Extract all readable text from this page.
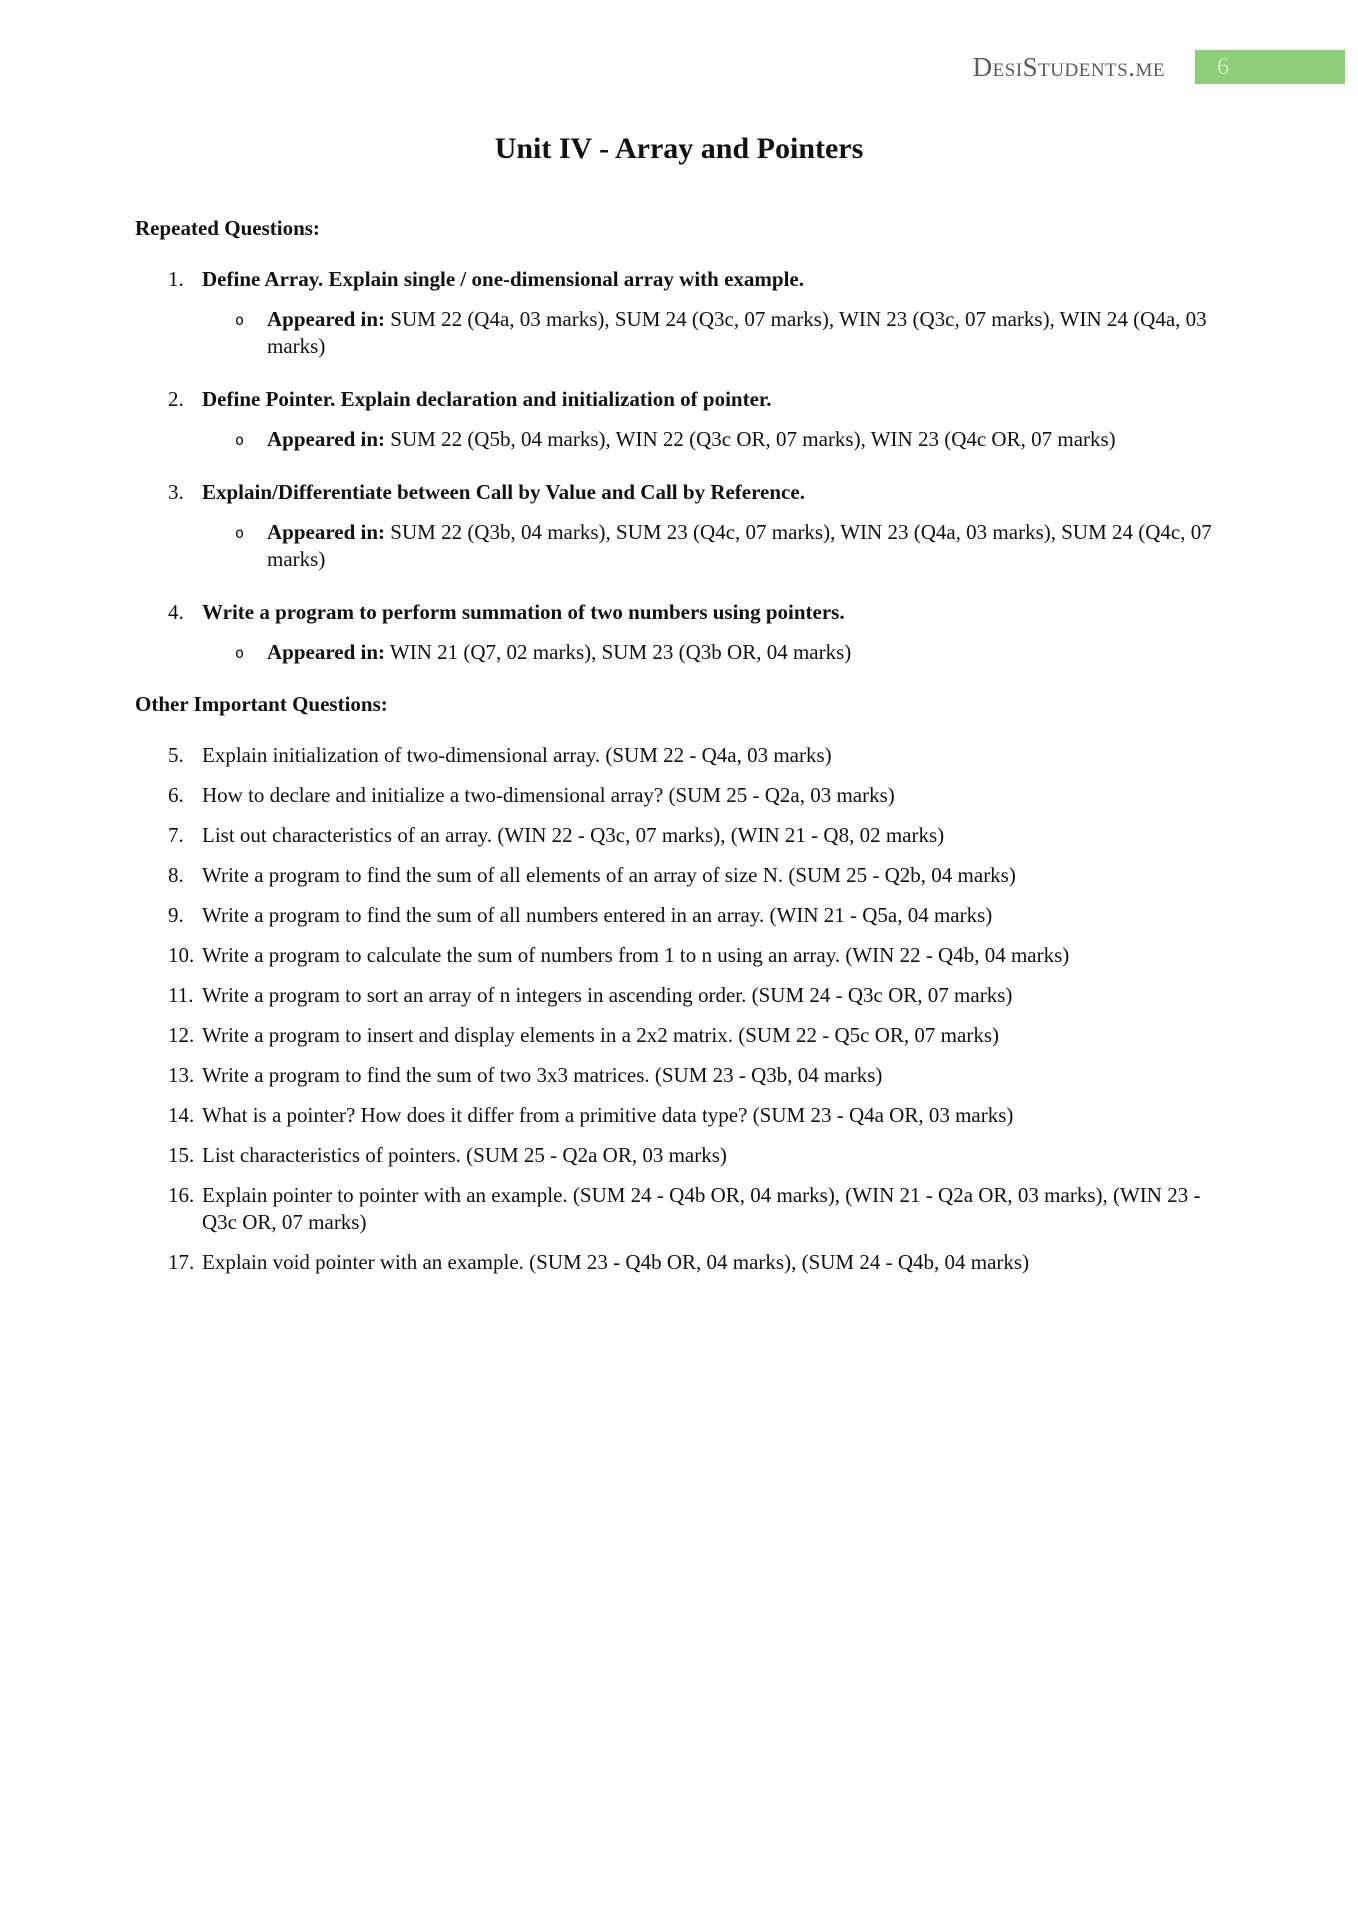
DesiStudents.me	6
Unit IV - Array and Pointers
Repeated Questions:
1. Define Array. Explain single / one-dimensional array with example.
o Appeared in: SUM 22 (Q4a, 03 marks), SUM 24 (Q3c, 07 marks), WIN 23 (Q3c, 07 marks), WIN 24 (Q4a, 03 marks)
2. Define Pointer. Explain declaration and initialization of pointer.
o Appeared in: SUM 22 (Q5b, 04 marks), WIN 22 (Q3c OR, 07 marks), WIN 23 (Q4c OR, 07 marks)
3. Explain/Differentiate between Call by Value and Call by Reference.
o Appeared in: SUM 22 (Q3b, 04 marks), SUM 23 (Q4c, 07 marks), WIN 23 (Q4a, 03 marks), SUM 24 (Q4c, 07 marks)
4. Write a program to perform summation of two numbers using pointers.
o Appeared in: WIN 21 (Q7, 02 marks), SUM 23 (Q3b OR, 04 marks)
Other Important Questions:
5. Explain initialization of two-dimensional array. (SUM 22 - Q4a, 03 marks)
6. How to declare and initialize a two-dimensional array? (SUM 25 - Q2a, 03 marks)
7. List out characteristics of an array. (WIN 22 - Q3c, 07 marks), (WIN 21 - Q8, 02 marks)
8. Write a program to find the sum of all elements of an array of size N. (SUM 25 - Q2b, 04 marks)
9. Write a program to find the sum of all numbers entered in an array. (WIN 21 - Q5a, 04 marks)
10. Write a program to calculate the sum of numbers from 1 to n using an array. (WIN 22 - Q4b, 04 marks)
11. Write a program to sort an array of n integers in ascending order. (SUM 24 - Q3c OR, 07 marks)
12. Write a program to insert and display elements in a 2x2 matrix. (SUM 22 - Q5c OR, 07 marks)
13. Write a program to find the sum of two 3x3 matrices. (SUM 23 - Q3b, 04 marks)
14. What is a pointer? How does it differ from a primitive data type? (SUM 23 - Q4a OR, 03 marks)
15. List characteristics of pointers. (SUM 25 - Q2a OR, 03 marks)
16. Explain pointer to pointer with an example. (SUM 24 - Q4b OR, 04 marks), (WIN 21 - Q2a OR, 03 marks), (WIN 23 - Q3c OR, 07 marks)
17. Explain void pointer with an example. (SUM 23 - Q4b OR, 04 marks), (SUM 24 - Q4b, 04 marks)
